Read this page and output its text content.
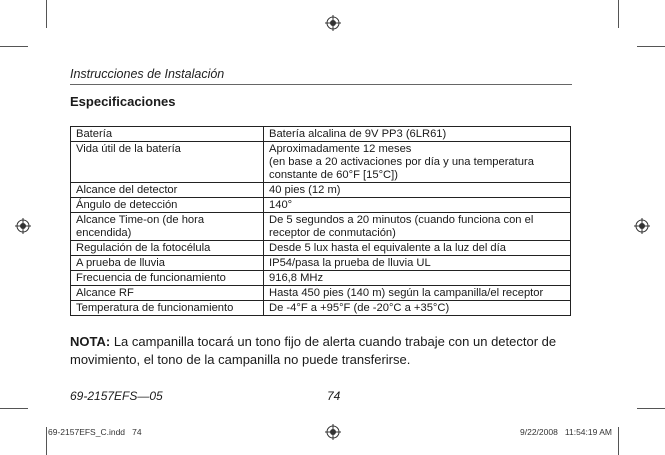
Instrucciones de Instalación
Especificaciones
Batería	Batería alcalina de 9V PP3 (6LR61)
Vida útil de la batería	Aproximadamente 12 meses
(en base a 20 activaciones por día y una temperatura
constante de 60°F [15°C])
Alcance del detector	40 pies (12 m)
Ángulo de detección	140°
Alcance Time-on (de hora
encendida)	De 5 segundos a 20 minutos (cuando funciona con el
receptor de conmutación)
Regulación de la fotocélula	Desde 5 lux hasta el equivalente a la luz del día
A prueba de lluvia	IP54/pasa la prueba de lluvia UL
Frecuencia de funcionamiento	916,8 MHz
Alcance RF	Hasta 450 pies (140 m) según la campanilla/el receptor
Temperatura de funcionamiento	De -4°F a +95°F (de -20°C a +35°C)
NOTA: La campanilla tocará un tono fijo de alerta cuando trabaje con un detector de movimiento, el tono de la campanilla no puede transferirse.
69-2157EFS—05	74
69-2157EFS_C.indd   74	9/22/2008   11:54:19 AM
